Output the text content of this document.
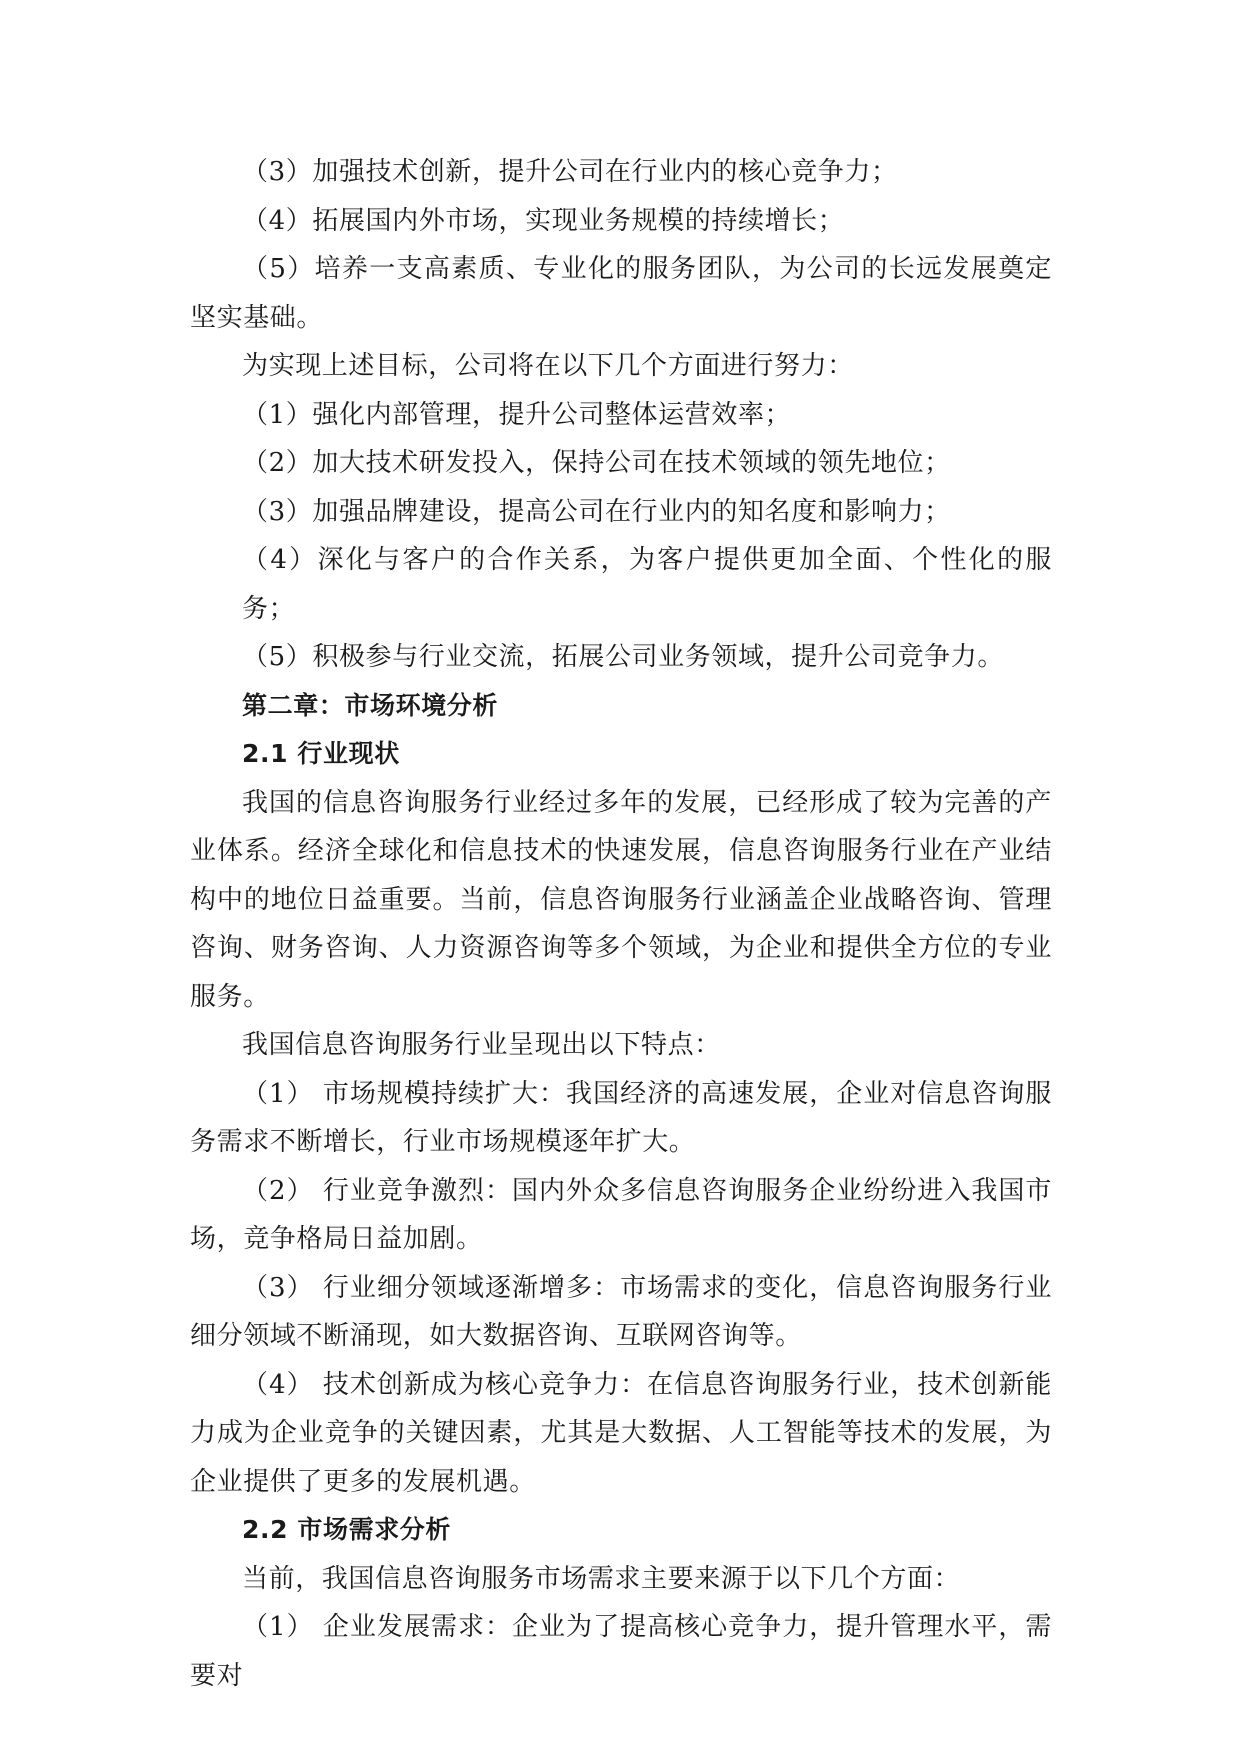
（3）加强技术创新，提升公司在行业内的核心竞争力；

（4）拓展国内外市场，实现业务规模的持续增长；

（5）培养一支高素质、专业化的服务团队，为公司的长远发展奠定坚实基础。

为实现上述目标，公司将在以下几个方面进行努力：

（1）强化内部管理，提升公司整体运营效率；

（2）加大技术研发投入，保持公司在技术领域的领先地位；

（3）加强品牌建设，提高公司在行业内的知名度和影响力；

（4）深化与客户的合作关系，为客户提供更加全面、个性化的服务；

（5）积极参与行业交流，拓展公司业务领域，提升公司竞争力。

第二章：市场环境分析

2.1 行业现状

我国的信息咨询服务行业经过多年的发展，已经形成了较为完善的产业体系。经济全球化和信息技术的快速发展，信息咨询服务行业在产业结构中的地位日益重要。当前，信息咨询服务行业涵盖企业战略咨询、管理咨询、财务咨询、人力资源咨询等多个领域，为企业和提供全方位的专业服务。

我国信息咨询服务行业呈现出以下特点：

（1） 市场规模持续扩大：我国经济的高速发展，企业对信息咨询服务需求不断增长，行业市场规模逐年扩大。

（2） 行业竞争激烈：国内外众多信息咨询服务企业纷纷进入我国市场，竞争格局日益加剧。

（3） 行业细分领域逐渐增多：市场需求的变化，信息咨询服务行业细分领域不断涌现，如大数据咨询、互联网咨询等。

（4） 技术创新成为核心竞争力：在信息咨询服务行业，技术创新能力成为企业竞争的关键因素，尤其是大数据、人工智能等技术的发展，为企业提供了更多的发展机遇。

2.2 市场需求分析

当前，我国信息咨询服务市场需求主要来源于以下几个方面：

（1） 企业发展需求：企业为了提高核心竞争力，提升管理水平，需要对
